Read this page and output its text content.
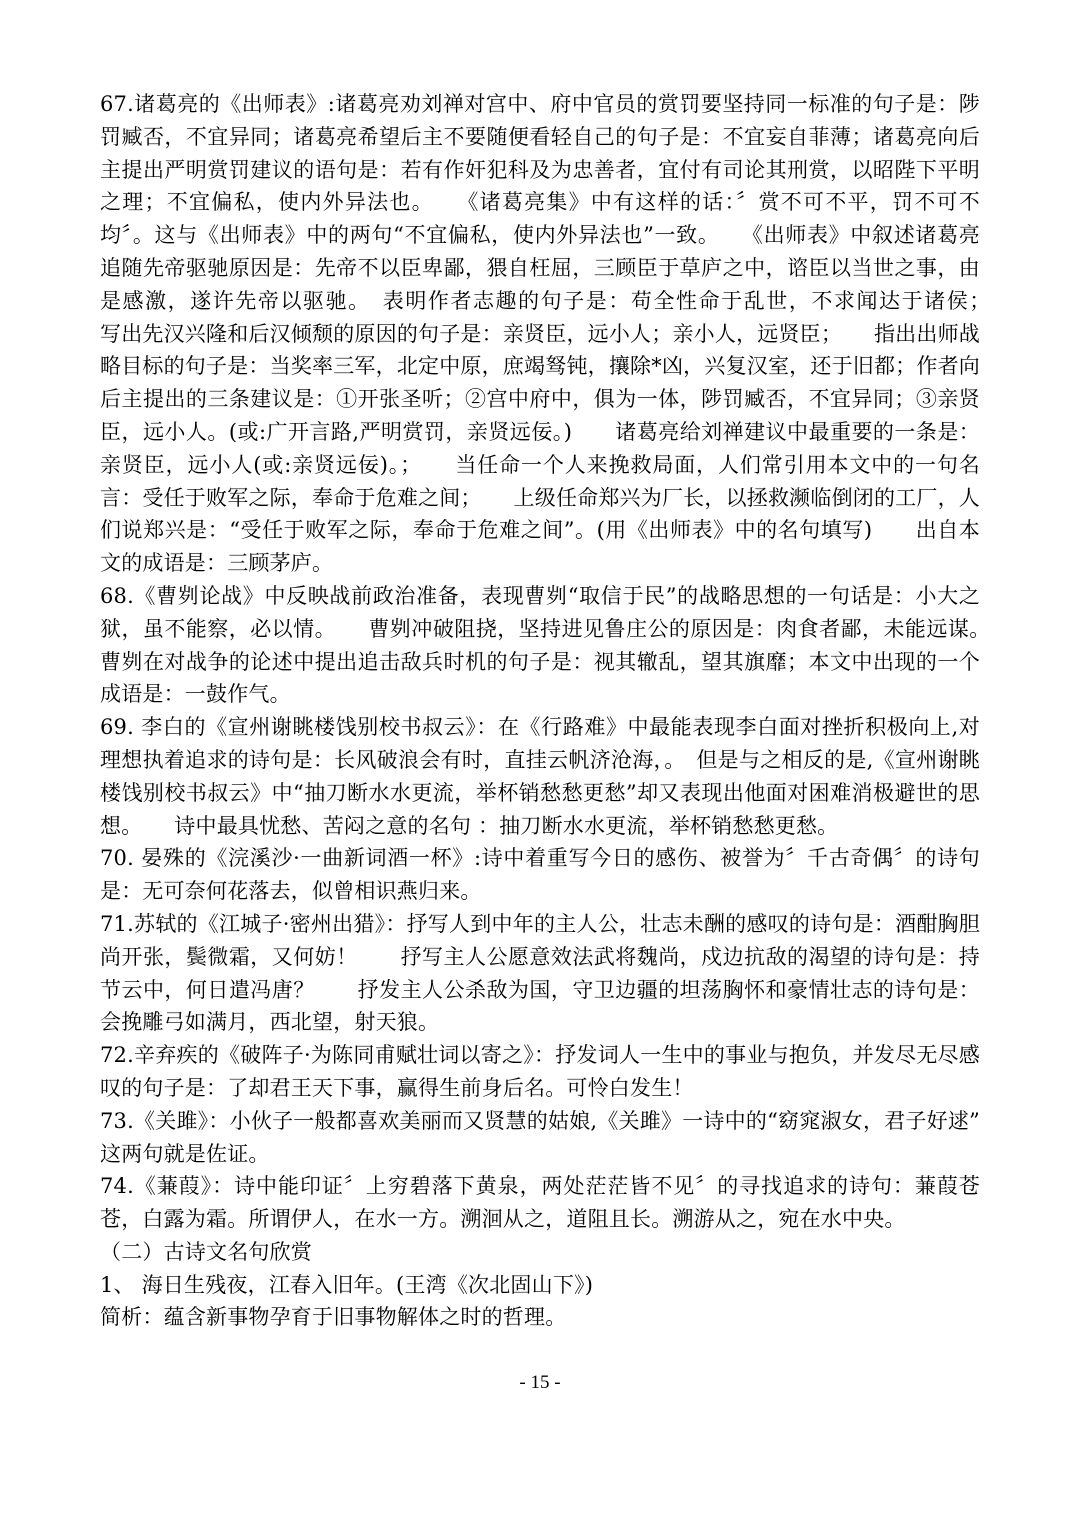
67.诸葛亮的《出师表》:诸葛亮劝刘禅对宫中、府中官员的赏罚要坚持同一标准的句子是：陟罚臧否，不宜异同；诸葛亮希望后主不要随便看轻自己的句子是：不宜妄自菲薄；诸葛亮向后主提出严明赏罚建议的语句是：若有作奸犯科及为忠善者，宜付有司论其刑赏，以昭陛下平明之理；不宜偏私，使内外异法也。　　《诸葛亮集》中有这样的话：〞赏不可不平，罚不可不均〞。这与《出师表》中的两句“不宜偏私，使内外异法也”一致。　　《出师表》中叙述诸葛亮追随先帝驱驰原因是：先帝不以臣卑鄙，猥自枉屈，三顾臣于草庐之中，谘臣以当世之事，由是感激，遂许先帝以驱驰。　表明作者志趣的句子是：苟全性命于乱世，不求闻达于诸侯；　　写出先汉兴隆和后汉倾颓的原因的句子是：亲贤臣，远小人；亲小人，远贤臣；　　指出出师战略目标的句子是：当奖率三军，北定中原，庶竭驽钝，攘除*凶，兴复汉室，还于旧都；作者向后主提出的三条建议是：①开张圣听；②宫中府中，俱为一体，陟罚臧否，不宜异同；③亲贤臣，远小人。(或:广开言路,严明赏罚，亲贤远佞。)　　诸葛亮给刘禅建议中最重要的一条是：亲贤臣，远小人(或:亲贤远佞)。；　　当任命一个人来挽救局面，人们常引用本文中的一句名言：受任于败军之际，奉命于危难之间；　　上级任命郑兴为厂长，以拯救濒临倒闭的工厂，人们说郑兴是：“受任于败军之际，奉命于危难之间”。(用《出师表》中的名句填写)　　出自本文的成语是：三顾茅庐。

68.《曹刿论战》中反映战前政治准备，表现曹刿“取信于民”的战略思想的一句话是：小大之狱，虽不能察，必以情。　　曹刿冲破阻挠，坚持进见鲁庄公的原因是：肉食者鄙，未能远谋。　　曹刿在对战争的论述中提出追击敌兵时机的句子是：视其辙乱，望其旗靡；本文中出现的一个成语是：一鼓作气。

69. 李白的《宣州谢眺楼饯别校书叔云》：在《行路难》中最能表现李白面对挫折积极向上,对理想执着追求的诗句是：长风破浪会有时，直挂云帆济沧海，。　但是与之相反的是,《宣州谢眺楼饯别校书叔云》中“抽刀断水水更流，举杯销愁愁更愁”却又表现出他面对困难消极避世的思想。　　诗中最具忧愁、苦闷之意的名句 ：抽刀断水水更流，举杯销愁愁更愁。

70. 晏殊的《浣溪沙·一曲新词酒一杯》:诗中着重写今日的感伤、被誉为〞千古奇偶〞的诗句是：无可奈何花落去，似曾相识燕归来。

71.苏轼的《江城子·密州出猎》：抒写人到中年的主人公，壮志未酬的感叹的诗句是：酒酣胸胆尚开张，鬓微霜，又何妨！　　抒写主人公愿意效法武将魏尚，戍边抗敌的渴望的诗句是：持节云中，何日遣冯唐？　　抒发主人公杀敌为国，守卫边疆的坦荡胸怀和豪情壮志的诗句是：会挽雕弓如满月，西北望，射天狼。

72.辛弃疾的《破阵子·为陈同甫赋壮词以寄之》：抒发词人一生中的事业与抱负，并发尽无尽感叹的句子是：了却君王天下事，赢得生前身后名。可怜白发生！

73.《关雎》：小伙子一般都喜欢美丽而又贤慧的姑娘,《关雎》一诗中的“窈窕淑女，君子好逑” 这两句就是佐证。

74.《蒹葭》：诗中能印证〞上穷碧落下黄泉，两处茫茫皆不见〞的寻找追求的诗句：蒹葭苍苍，白露为霜。所谓伊人，在水一方。溯洄从之，道阻且长。溯游从之，宛在水中央。

（二）古诗文名句欣赏

1、 海日生残夜，江春入旧年。(王湾《次北固山下》)

简析：蕴含新事物孕育于旧事物解体之时的哲理。

- 15 -
